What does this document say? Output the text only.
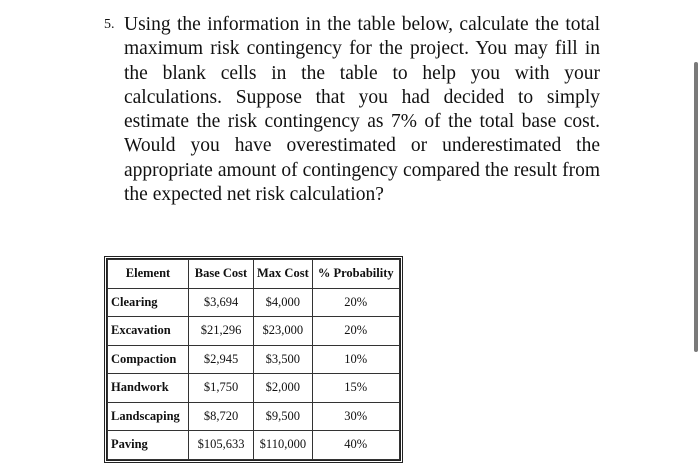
5. Using the information in the table below, calculate the total maximum risk contingency for the project. You may fill in the blank cells in the table to help you with your calculations. Suppose that you had decided to simply estimate the risk contingency as 7% of the total base cost. Would you have overestimated or underestimated the appropriate amount of contingency compared the result from the expected net risk calculation?

Element	Base Cost	Max Cost	% Probability
Clearing	$3,694	$4,000	20%
Excavation	$21,296	$23,000	20%
Compaction	$2,945	$3,500	10%
Handwork	$1,750	$2,000	15%
Landscaping	$8,720	$9,500	30%
Paving	$105,633	$110,000	40%
